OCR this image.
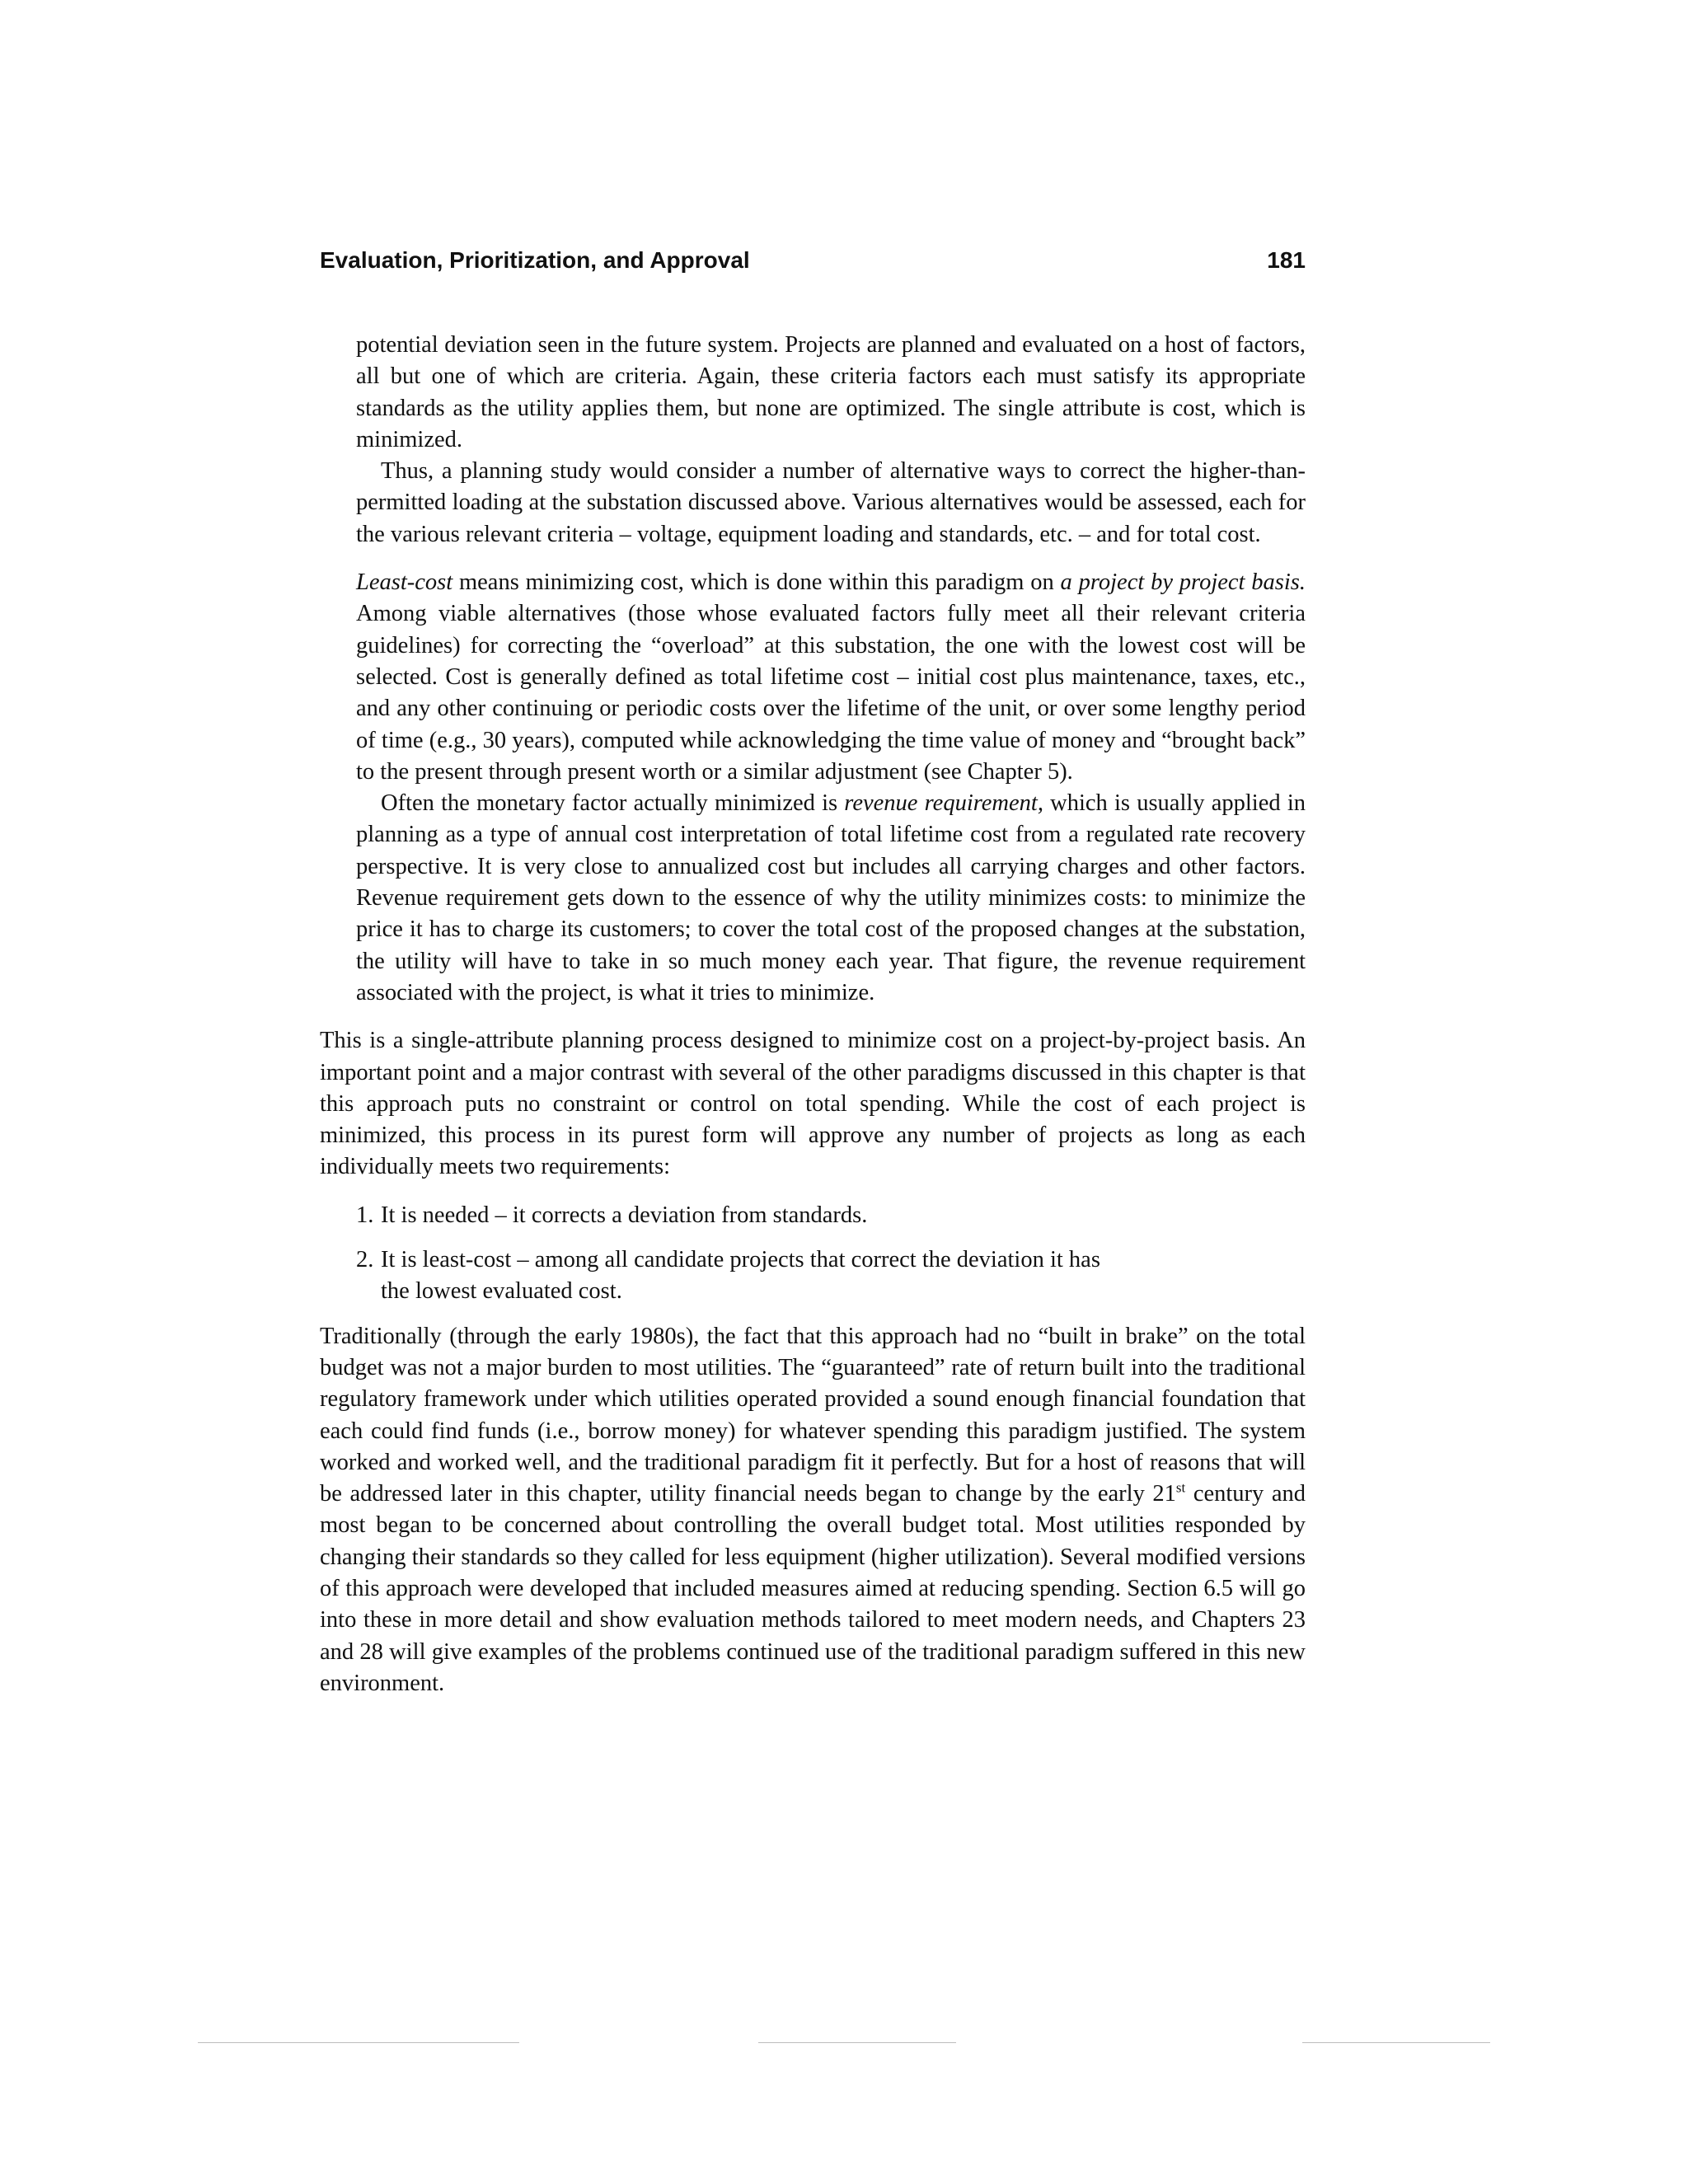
Evaluation, Prioritization, and Approval	181

potential deviation seen in the future system. Projects are planned and evaluated on a host of factors, all but one of which are criteria. Again, these criteria factors each must satisfy its appropriate standards as the utility applies them, but none are optimized. The single attribute is cost, which is minimized.

Thus, a planning study would consider a number of alternative ways to correct the higher-than-permitted loading at the substation discussed above. Various alternatives would be assessed, each for the various relevant criteria – voltage, equipment loading and standards, etc. – and for total cost.

Least-cost means minimizing cost, which is done within this paradigm on a project by project basis. Among viable alternatives (those whose evaluated factors fully meet all their relevant criteria guidelines) for correcting the “overload” at this substation, the one with the lowest cost will be selected. Cost is generally defined as total lifetime cost – initial cost plus maintenance, taxes, etc., and any other continuing or periodic costs over the lifetime of the unit, or over some lengthy period of time (e.g., 30 years), computed while acknowledging the time value of money and “brought back” to the present through present worth or a similar adjustment (see Chapter 5).

Often the monetary factor actually minimized is revenue requirement, which is usually applied in planning as a type of annual cost interpretation of total lifetime cost from a regulated rate recovery perspective. It is very close to annualized cost but includes all carrying charges and other factors. Revenue requirement gets down to the essence of why the utility minimizes costs: to minimize the price it has to charge its customers; to cover the total cost of the proposed changes at the substation, the utility will have to take in so much money each year. That figure, the revenue requirement associated with the project, is what it tries to minimize.

This is a single-attribute planning process designed to minimize cost on a project-by-project basis. An important point and a major contrast with several of the other paradigms discussed in this chapter is that this approach puts no constraint or control on total spending. While the cost of each project is minimized, this process in its purest form will approve any number of projects as long as each individually meets two requirements:

1. It is needed – it corrects a deviation from standards.
2. It is least-cost – among all candidate projects that correct the deviation it has
the lowest evaluated cost.

Traditionally (through the early 1980s), the fact that this approach had no “built in brake” on the total budget was not a major burden to most utilities. The “guaranteed” rate of return built into the traditional regulatory framework under which utilities operated provided a sound enough financial foundation that each could find funds (i.e., borrow money) for whatever spending this paradigm justified. The system worked and worked well, and the traditional paradigm fit it perfectly. But for a host of reasons that will be addressed later in this chapter, utility financial needs began to change by the early 21st century and most began to be concerned about controlling the overall budget total. Most utilities responded by changing their standards so they called for less equipment (higher utilization). Several modified versions of this approach were developed that included measures aimed at reducing spending. Section 6.5 will go into these in more detail and show evaluation methods tailored to meet modern needs, and Chapters 23 and 28 will give examples of the problems continued use of the traditional paradigm suffered in this new environment.
